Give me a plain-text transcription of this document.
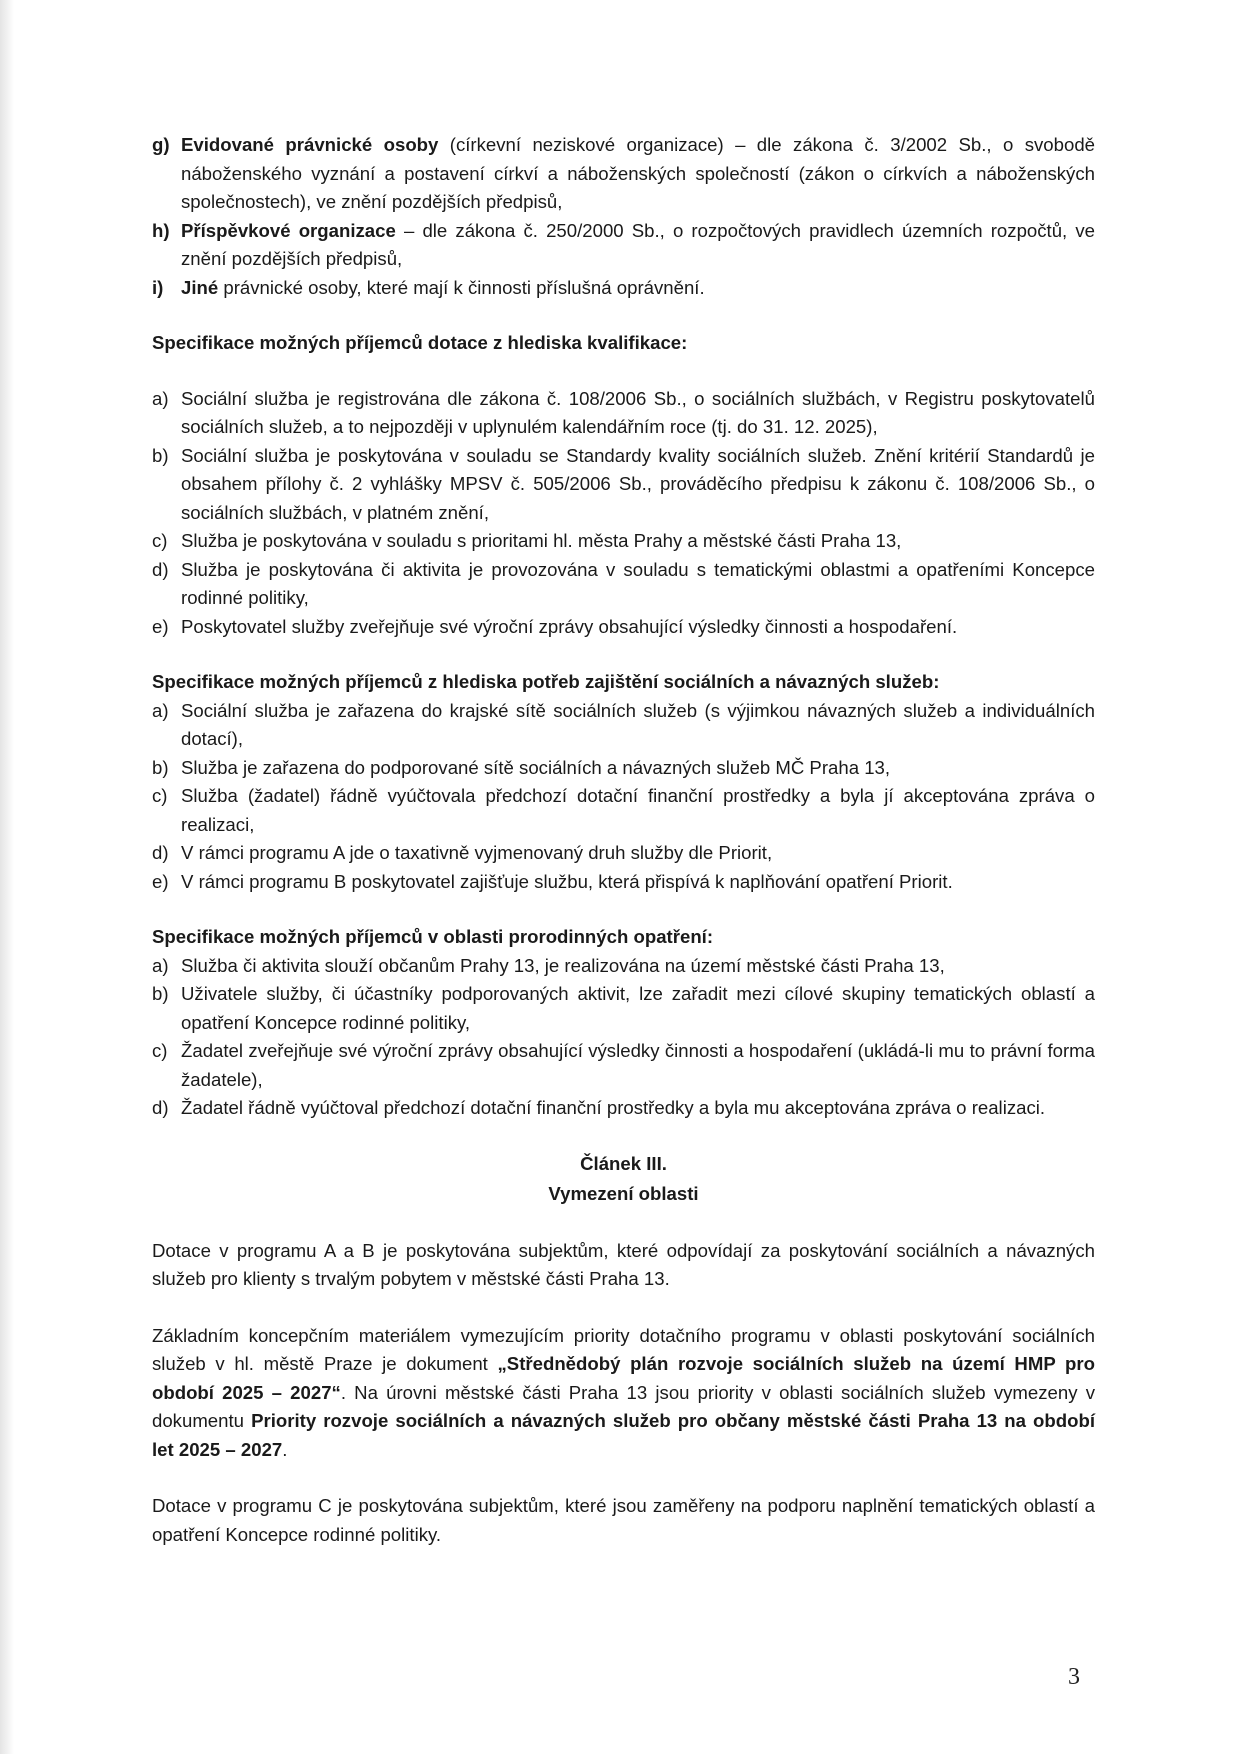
g) Evidované právnické osoby (církevní neziskové organizace) – dle zákona č. 3/2002 Sb., o svobodě náboženského vyznání a postavení církví a náboženských společností (zákon o církvích a náboženských společnostech), ve znění pozdějších předpisů,
h) Příspěvkové organizace – dle zákona č. 250/2000 Sb., o rozpočtových pravidlech územních rozpočtů, ve znění pozdějších předpisů,
i) Jiné právnické osoby, které mají k činnosti příslušná oprávnění.
Specifikace možných příjemců dotace z hlediska kvalifikace:
a) Sociální služba je registrována dle zákona č. 108/2006 Sb., o sociálních službách, v Registru poskytovatelů sociálních služeb, a to nejpozději v uplynulém kalendářním roce (tj. do 31. 12. 2025),
b) Sociální služba je poskytována v souladu se Standardy kvality sociálních služeb. Znění kritérií Standardů je obsahem přílohy č. 2 vyhlášky MPSV č. 505/2006 Sb., prováděcího předpisu k zákonu č. 108/2006 Sb., o sociálních službách, v platném znění,
c) Služba je poskytována v souladu s prioritami hl. města Prahy a městské části Praha 13,
d) Služba je poskytována či aktivita je provozována v souladu s tematickými oblastmi a opatřeními Koncepce rodinné politiky,
e) Poskytovatel služby zveřejňuje své výroční zprávy obsahující výsledky činnosti a hospodaření.
Specifikace možných příjemců z hlediska potřeb zajištění sociálních a návazných služeb:
a) Sociální služba je zařazena do krajské sítě sociálních služeb (s výjimkou návazných služeb a individuálních dotací),
b) Služba je zařazena do podporované sítě sociálních a návazných služeb MČ Praha 13,
c) Služba (žadatel) řádně vyúčtovala předchozí dotační finanční prostředky a byla jí akceptována zpráva o realizaci,
d) V rámci programu A jde o taxativně vyjmenovaný druh služby dle Priorit,
e) V rámci programu B poskytovatel zajišťuje službu, která přispívá k naplňování opatření Priorit.
Specifikace možných příjemců v oblasti prorodinných opatření:
a) Služba či aktivita slouží občanům Prahy 13, je realizována na území městské části Praha 13,
b) Uživatele služby, či účastníky podporovaných aktivit, lze zařadit mezi cílové skupiny tematických oblastí a opatření Koncepce rodinné politiky,
c) Žadatel zveřejňuje své výroční zprávy obsahující výsledky činnosti a hospodaření (ukládá-li mu to právní forma žadatele),
d) Žadatel řádně vyúčtoval předchozí dotační finanční prostředky a byla mu akceptována zpráva o realizaci.
Článek III.
Vymezení oblasti
Dotace v programu A a B je poskytována subjektům, které odpovídají za poskytování sociálních a návazných služeb pro klienty s trvalým pobytem v městské části Praha 13.
Základním koncepčním materiálem vymezujícím priority dotačního programu v oblasti poskytování sociálních služeb v hl. městě Praze je dokument „Střednědobý plán rozvoje sociálních služeb na území HMP pro období 2025 – 2027“. Na úrovni městské části Praha 13 jsou priority v oblasti sociálních služeb vymezeny v dokumentu Priority rozvoje sociálních a návazných služeb pro občany městské části Praha 13 na období let 2025 – 2027.
Dotace v programu C je poskytována subjektům, které jsou zaměřeny na podporu naplnění tematických oblastí a opatření Koncepce rodinné politiky.
3
